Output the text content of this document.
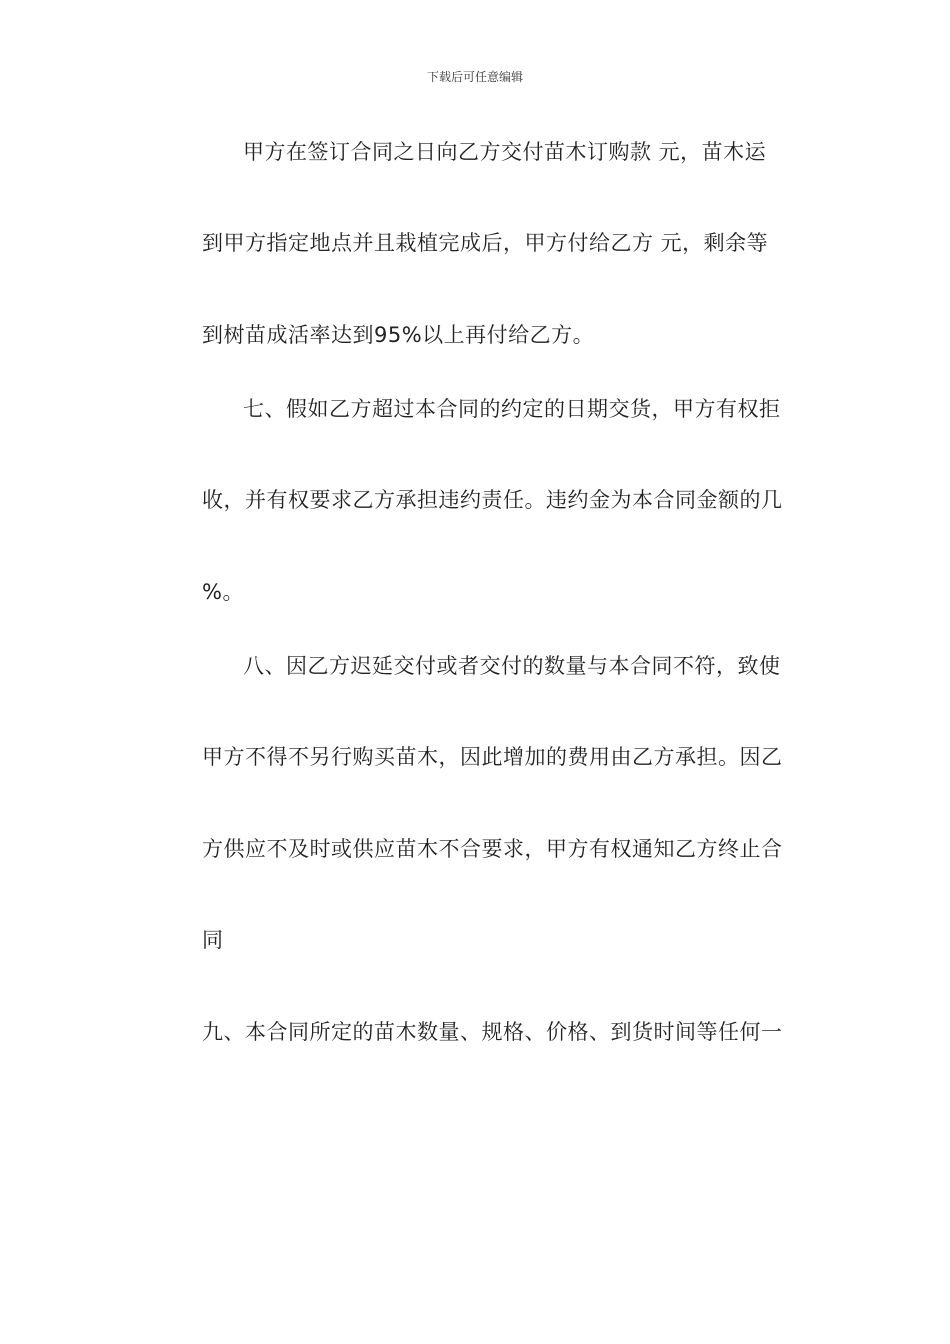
下载后可任意编辑
甲方在签订合同之日向乙方交付苗木订购款 元，苗木运
到甲方指定地点并且栽植完成后，甲方付给乙方 元，剩余等
到树苗成活率达到95%以上再付给乙方。
七、假如乙方超过本合同的约定的日期交货，甲方有权拒
收，并有权要求乙方承担违约责任。违约金为本合同金额的几
%。
八、因乙方迟延交付或者交付的数量与本合同不符，致使
甲方不得不另行购买苗木，因此增加的费用由乙方承担。因乙
方供应不及时或供应苗木不合要求，甲方有权通知乙方终止合
同
九、本合同所定的苗木数量、规格、价格、到货时间等任何一
